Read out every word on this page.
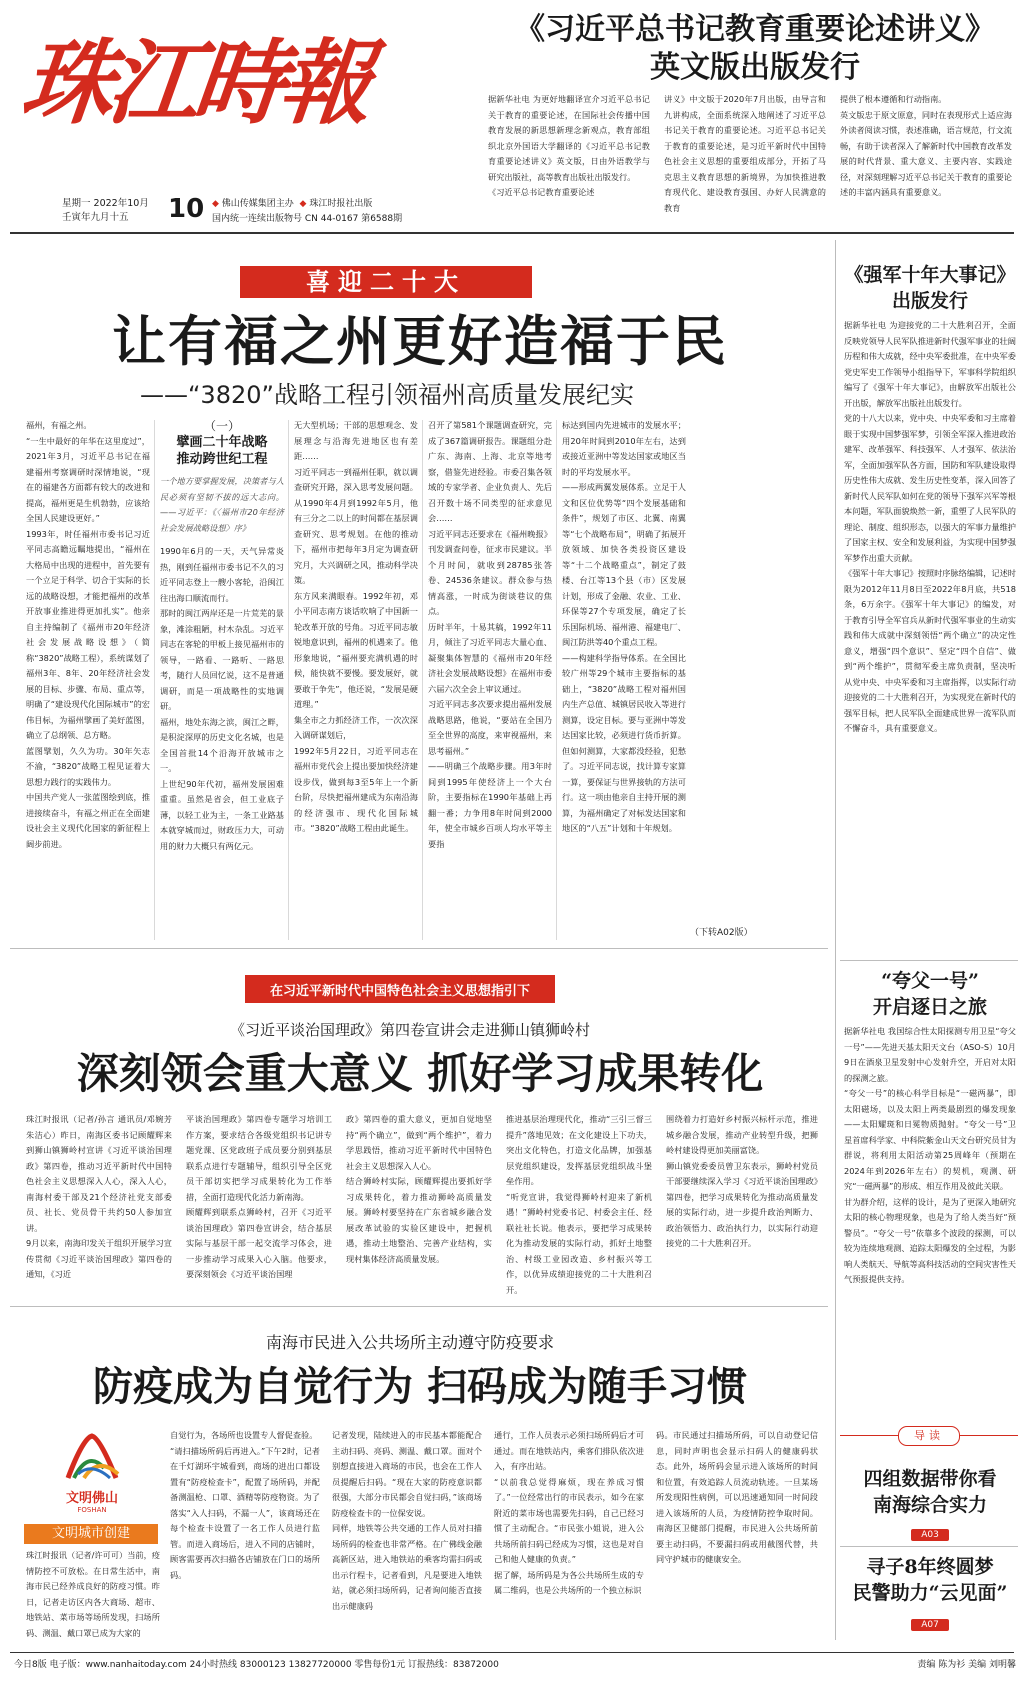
珠江時報
星期一 2022年10月
壬寅年九月十五	10 ◆ 佛山传媒集团主办 ◆ 珠江时报社出版
国内统一连续出版物号 CN 44-0167 第6588期
《习近平总书记教育重要论述讲义》
英文版出版发行
据新华社电 为更好地翻译宣介习近平总书记关于教育的重要论述，在国际社会传播中国教育发展的新思想新理念新观点，教育部组织北京外国语大学翻译的《习近平总书记教育重要论述讲义》英文版，日由外语教学与研究出版社，高等教育出版社出版发行。
《习近平总书记教育重要论述
讲义》中文版于2020年7月出版，由导言和九讲构成，全面系统深入地阐述了习近平总书记关于教育的重要论述。习近平总书记关于教育的重要论述，是习近平新时代中国特色社会主义思想的重要组成部分，开拓了马克思主义教育思想的新境界，为加快推进教育现代化、建设教育强国、办好人民满意的教育
提供了根本遵循和行动指南。
英文版忠于原文原意，同时在表现形式上适应海外读者阅读习惯，表述准确，语言规范，行文流畅，有助于读者深入了解新时代中国教育改革发展的时代背景、重大意义、主要内容、实践途径，对深刻理解习近平总书记关于教育的重要论述的丰富内涵具有重要意义。
喜迎二十大
让有福之州更好造福于民
——“3820”战略工程引领福州高质量发展纪实
福州，有福之州。
“一生中最好的年华在这里度过”，2021年3月，习近平总书记在福建福州考察调研时深情地说，“现在的福建各方面都有较大的改进和提高，福州更是生机勃勃，应该给全国人民建设更好。”
1993年，时任福州市委书记习近平同志高瞻远瞩地提出，“福州在大格局中出现的进程中，首先要有一个立足于科学、切合于实际的长远的战略设想，才能把福州的改革开放事业推进得更加扎实”。他亲自主持编制了《福州市20年经济社会发展战略设想》（简称“3820”战略工程），系统谋划了福州3年、8年、20年经济社会发展的目标、步骤、布局、重点等，明确了“建设现代化国际城市”的宏伟目标，为福州擘画了美好蓝图，确立了总纲领、总方略。
蓝图擘划，久久为功。30年矢志不渝，“3820”战略工程见证着大思想力践行的实践伟力。
中国共产党人一张蓝图绘到底，推进接续奋斗，有福之州正在全面建设社会主义现代化国家的新征程上阔步前进。
（一）
擘画二十年战略
推动跨世纪工程
一个地方要掌握发展，决策者与人民必须有坚韧不拔的远大志向。——习近平：《〈福州市20年经济社会发展战略设想〉序》
1990年6月的一天，天气异常炎热，刚到任福州市委书记不久的习近平同志登上一艘小客轮，沿闽江往出海口顺流而行。
那时的闽江两岸还是一片荒芜的景象，滩涂粗陋，村木杂乱。习近平同志在客轮的甲板上接见福州市的领导，一路看、一路听、一路思考，随行人员回忆说，这不是普通调研，而是一项战略性的实地调研。
福州，地处东海之滨，闽江之畔，是积淀深厚的历史文化名城，也是全国首批14个沿海开放城市之一。
上世纪90年代初，福州发展困难重重。虽然是省会，但工业底子薄，以轻工业为主，一条工业路基本就穿城而过，财政压力大，可动用的财力大概只有两亿元。
无大型机场；干部的思想观念、发展理念与沿海先进地区也有差距……
习近平同志一到福州任职，就以调查研究开路，深入思考发展问题。从1990年4月到1992年5月，他有三分之二以上的时间都在基层调查研究、思考规划。在他的推动下，福州市把每年3月定为调查研究月，大兴调研之风，推动科学决策。
东方风来满眼春。1992年初，邓小平同志南方谈话吹响了中国新一轮改革开放的号角。习近平同志敏锐地意识到，福州的机遇来了。他形象地说，“福州要充满机遇的时候，能快就不要慢。要发展好，就要敢于争先”，他还说，“发展是硬道理。”
集全市之力抓经济工作，一次次深入调研谋划后，
1992年5月22日，习近平同志在福州市党代会上提出要加快经济建设步伐，做到每3至5年上一个新台阶，尽快把福州建成为东南沿海的经济强市、现代化国际城市。“3820”战略工程由此诞生。
召开了第581个课题调查研究，完成了367篇调研报告。课题组分赴广东、海南、上海、北京等地考察，借鉴先进经验。市委召集各领域的专家学者、企业负责人、先后召开数十场不同类型的征求意见会……
习近平同志还要求在《福州晚报》刊发调查问卷，征求市民建议。半个月时间，就收到28785张答卷、24536条建议。群众参与热情高涨，一时成为街谈巷议的焦点。
历时半年，十易其稿，1992年11月，倾注了习近平同志大量心血、凝聚集体智慧的《福州市20年经济社会发展战略设想》在福州市委六届六次全会上审议通过。
习近平同志多次要求提出福州发展战略思路，他说，“要站在全国乃至全世界的高度，来审视福州，来思考福州。”
——明确三个战略步骤。用3年时间到1995年使经济上一个大台阶，主要指标在1990年基础上再翻一番；力争用8年时间到2000年，使全市城乡百项人均水平等主要指
标达到国内先进城市的发展水平；用20年时间到2010年左右，达到或接近亚洲中等发达国家或地区当时的平均发展水平。
——形成两翼发展体系。立足于人文和区位优势等“四个发展基础和条件”，规划了市区、北翼、南翼等“七个战略布局”，明确了拓展开放领域、加快各类投资区建设等“十二个战略重点”，制定了鼓楼、台江等13个县（市）区发展计划，形成了金融、农业、工业、环保等27个专项发展，确定了长乐国际机场、福州港、福建电厂、闽江防洪等40个重点工程。
——构建科学指导体系。在全国比较广州等29个城市主要指标的基础上，“3820”战略工程对福州国内生产总值、城镇居民收入等进行测算，设定目标。要与亚洲中等发达国家比较，必须进行货币折算。但如何测算，大家都没经验，犯愁了。习近平同志说，找计算专家算一算，要保证与世界接轨的方法可行。这一项由他亲自主持开展的测算，为福州确定了对标发达国家和地区的“八五”计划和十年规划。
（下转A02版）
在习近平新时代中国特色社会主义思想指引下
《习近平谈治国理政》第四卷宣讲会走进狮山镇狮岭村
深刻领会重大意义 抓好学习成果转化
珠江时报讯（记者/孙言 通讯员/邓婉芳 朱洁心）昨日，南海区委书记顾耀辉来到狮山镇狮岭村宣讲《习近平谈治国理政》第四卷，推动习近平新时代中国特色社会主义思想深入人心，深入人心，南海村委干部及21个经济社党支部委员、社长、党员骨干共约50人参加宣讲。
9月以来，南海印发关于组织开展学习宣传贯彻《习近平谈治国理政》第四卷的通知，《习近
平谈治国理政》第四卷专题学习培训工作方案，要求结合各级党组织书记讲专题党课、区党政班子成员要分别到基层联系点进行专题辅导，组织引导全区党员干部切实把学习成果转化为工作举措，全面打造现代化活力新南海。
顾耀辉到联系点狮岭村，召开《习近平谈治国理政》第四卷宣讲会，结合基层实际与基层干部一起交流学习体会，进一步推动学习成果入心入脑。他要求，要深刻领会《习近平谈治国理
政》第四卷的重大意义，更加自觉地坚持“两个确立”，做到“两个维护”，着力学思践悟，推动习近平新时代中国特色社会主义思想深入人心。
结合狮岭村实际，顾耀辉提出要抓好学习成果转化，着力推动狮岭高质量发展。狮岭村要坚持在广东省城乡融合发展改革试验的实验区建设中，把握机遇，推动土地整治、完善产业结构，实现村集体经济高质量发展。
推进基层治理现代化，推动“三引三督三提升”落地见效；在文化建设上下功夫，突出文化特色，打造文化品牌，加强基层党组织建设，发挥基层党组织战斗堡垒作用。
“听党宣讲，我觉得狮岭村迎来了新机遇！”狮岭村党委书记、村委会主任、经联社社长说。他表示，要把学习成果转化为推动发展的实际行动，抓好土地整治、村级工业园改造、乡村振兴等工作，以优异成绩迎接党的二十大胜利召开。
围绕着力打造好乡村振兴标杆示范，推进城乡融合发展，推动产业转型升级，把狮岭村建设得更加美丽富饶。
狮山镇党委委员曾卫东表示，狮岭村党员干部要继续深入学习《习近平谈治国理政》第四卷，把学习成果转化为推动高质量发展的实际行动，进一步提升政治判断力、政治领悟力、政治执行力，以实际行动迎接党的二十大胜利召开。
南海市民进入公共场所主动遵守防疫要求
防疫成为自觉行为 扫码成为随手习惯
文明佛山
FOSHAN
文明城市创建
珠江时报讯（记者/许可可）当前，疫情防控不可放松。在日常生活中，南海市民已经养成良好的防疫习惯。昨日，记者走访区内各大商场、超市、地铁站、菜市场等场所发现，扫场所码、测温、戴口罩已成为大家的
自觉行为，各场所也设置专人督促查验。
“请扫描场所码后再进入。”下午2时，记者在千灯湖环宇城看到，商场的进出口都设置有“防疫检查卡”，配置了场所码，并配备测温枪、口罩、酒精等防疫物资。为了落实“入人扫码，不漏一人”，该商场还在每个检查卡设置了一名工作人员进行监管。而进入商场后，进入不同的店铺时，顾客需要再次扫描各店铺放在门口的场所码。
记者发现，陆续进入的市民基本都能配合主动扫码、亮码、测温、戴口罩。面对个别想直接进入商场的市民，也会在工作人员提醒后扫码。“现在大家的防疫意识都很强，大部分市民都会自觉扫码，”该商场防疫检查卡的一位保安说。
同样，地铁等公共交通的工作人员对扫描场所码的检查也非常严格。在广佛线金融高新区站，进入地铁站的乘客均需扫码或出示行程卡，记者看到，凡是要进入地铁站，就必须扫场所码，记者询问能否直接出示健康码
通行，工作人员表示必须扫场所码后才可通过。而在地铁站内，乘客们排队依次进入，有序出站。
“以前我总觉得麻烦，现在养成习惯了。”一位经常出行的市民表示，如今在家附近的菜市场也需要先扫码，自己已经习惯了主动配合。“市民张小姐说，进入公共场所前扫码已经成为习惯，这也是对自己和他人健康的负责。”
据了解，场所码是为各公共场所生成的专属二维码，也是公共场所的一个独立标识
码。市民通过扫描场所码，可以自动登记信息，同时声明也会显示扫码人的健康码状态。此外，场所码会显示进入该场所的时间和位置，有效追踪人员流动轨迹。一旦某场所发现阳性病例，可以迅速通知同一时间段进入该场所的人员，为疫情防控争取时间。南海区卫健部门提醒，市民进入公共场所前要主动扫码，不要漏扫码或用截图代替，共同守护城市的健康安全。
《强军十年大事记》
出版发行
据新华社电 为迎接党的二十大胜利召开，全面反映党领导人民军队推进新时代强军事业的壮阔历程和伟大成就，经中央军委批准，在中央军委党史军史工作领导小组指导下，军事科学院组织编写了《强军十年大事记》，由解放军出版社公开出版，解放军出版社出版发行。
党的十八大以来，党中央、中央军委和习主席着眼于实现中国梦强军梦，引领全军深入推进政治建军、改革强军、科技强军、人才强军、依法治军，全面加强军队各方面，国防和军队建设取得历史性伟大成就、发生历史性变革，深入回答了新时代人民军队如何在党的领导下强军兴军等根本问题，军队面貌焕然一新，重塑了人民军队的理论、制度、组织形态，以强大的军事力量维护了国家主权、安全和发展利益，为实现中国梦强军梦作出重大贡献。
《强军十年大事记》按照时序脉络编辑，记述时限为2012年11月8日至2022年8月底，共518条，6万余字。《强军十年大事记》的编发，对于教育引导全军官兵从新时代强军事业的生动实践和伟大成就中深刻领悟“两个确立”的决定性意义，增强“四个意识”、坚定“四个自信”、做到“两个维护”，贯彻军委主席负责制，坚决听从党中央、中央军委和习主席指挥，以实际行动迎接党的二十大胜利召开，为实现党在新时代的强军目标，把人民军队全面建成世界一流军队而不懈奋斗，具有重要意义。
“夸父一号”
开启逐日之旅
据新华社电 我国综合性太阳探测专用卫星“夸父一号”——先进天基太阳天文台（ASO-S）10月9日在酒泉卫星发射中心发射升空，开启对太阳的探测之旅。
“夸父一号”的核心科学目标是“一磁两暴”，即太阳磁场，以及太阳上两类最剧烈的爆发现象——太阳耀斑和日冕物质抛射。“夸父一号”卫星首席科学家、中科院紫金山天文台研究员甘为群说，将利用太阳活动第25周峰年（预期在2024年到2026年左右）的契机，观测、研究“一磁两暴”的形成、相互作用及彼此关联。
甘为群介绍，这样的设计，是为了更深入地研究太阳的核心物理现象，也是为了给人类当好“预警员”。“夸父一号”依靠多个波段的探测，可以较为连续地观测、追踪太阳爆发的全过程，为影响人类航天、导航等高科技活动的空间灾害性天气预报提供支持。
导读
四组数据带你看
南海综合实力
A03
寻子8年终圆梦
民警助力“云见面”
A07
今日8版 电子版：www.nanhaitoday.com 24小时热线 83000123 13827720000 零售每份1元 订报热线：83872000	责编 陈为衫 美编 刘明馨
